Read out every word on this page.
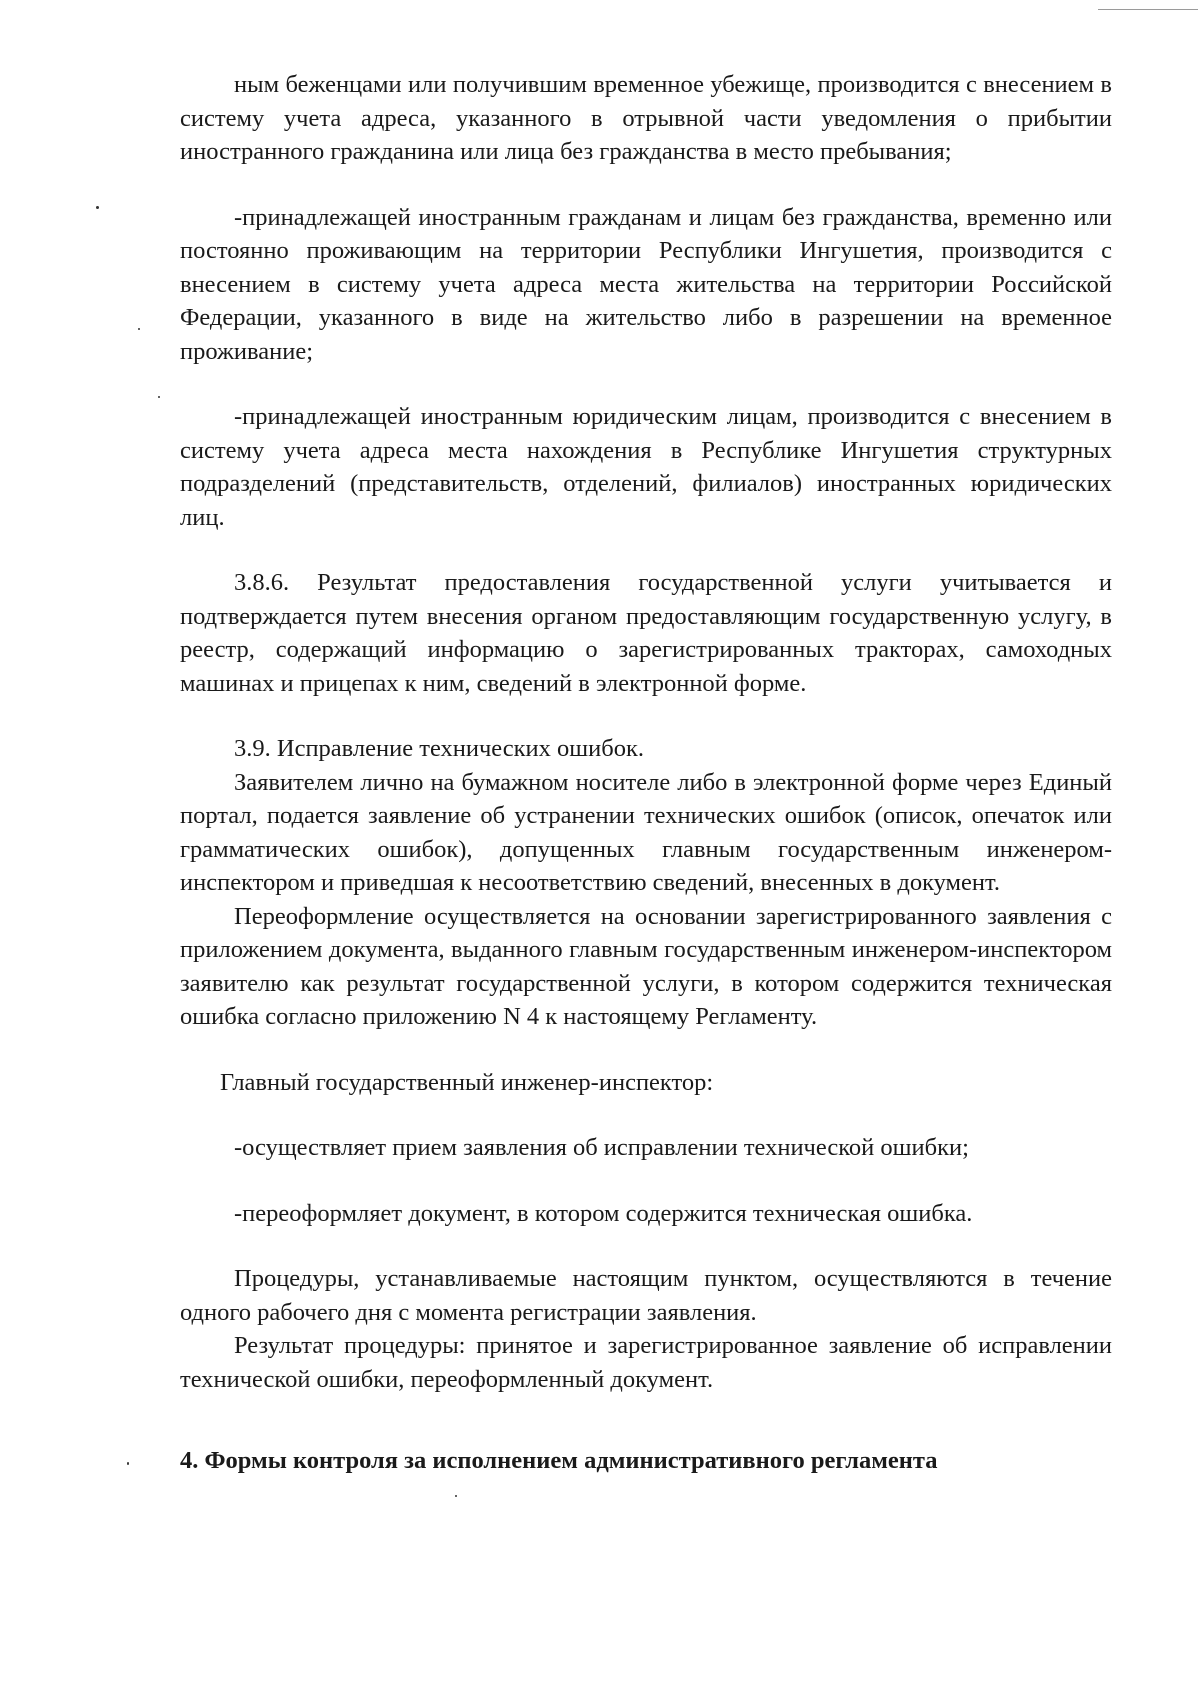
ным беженцами или получившим временное убежище, производится с внесением в систему учета адреса, указанного в отрывной части уведомления о прибытии иностранного гражданина или лица без гражданства в место пребывания;

-принадлежащей иностранным гражданам и лицам без гражданства, временно или постоянно проживающим на территории Республики Ингушетия, производится с внесением в систему учета адреса места жительства на территории Российской Федерации, указанного в виде на жительство либо в разрешении на временное проживание;

-принадлежащей иностранным юридическим лицам, производится с внесением в систему учета адреса места нахождения в Республике Ингушетия структурных подразделений (представительств, отделений, филиалов) иностранных юридических лиц.

3.8.6. Результат предоставления государственной услуги учитывается и подтверждается путем внесения органом предоставляющим государственную услугу, в реестр, содержащий информацию о зарегистрированных тракторах, самоходных машинах и прицепах к ним, сведений в электронной форме.

3.9. Исправление технических ошибок.

Заявителем лично на бумажном носителе либо в электронной форме через Единый портал, подается заявление об устранении технических ошибок (описок, опечаток или грамматических ошибок), допущенных главным государственным инженером-инспектором и приведшая к несоответствию сведений, внесенных в документ.

Переоформление осуществляется на основании зарегистрированного заявления с приложением документа, выданного главным государственным инженером-инспектором заявителю как результат государственной услуги, в котором содержится техническая ошибка согласно приложению N 4 к настоящему Регламенту.

Главный государственный инженер-инспектор:

-осуществляет прием заявления об исправлении технической ошибки;

-переоформляет документ, в котором содержится техническая ошибка.

Процедуры, устанавливаемые настоящим пунктом, осуществляются в течение одного рабочего дня с момента регистрации заявления.

Результат процедуры: принятое и зарегистрированное заявление об исправлении технической ошибки, переоформленный документ.

4. Формы контроля за исполнением административного регламента
